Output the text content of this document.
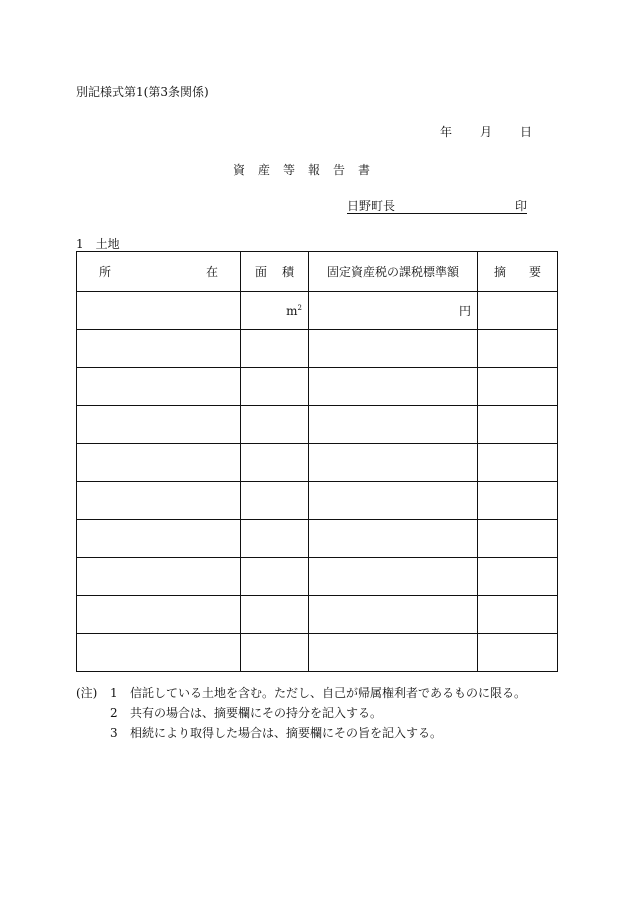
別記様式第1(第3条関係)
年 月 日
資産等報告書
日野町長	印
1　土地
所 在	面 積	固定資産税の課税標準額	摘 要

	$m^2$	円	

(注)	1	信託している土地を含む。ただし、自己が帰属権利者であるものに限る。
2	共有の場合は、摘要欄にその持分を記入する。
3	相続により取得した場合は、摘要欄にその旨を記入する。
